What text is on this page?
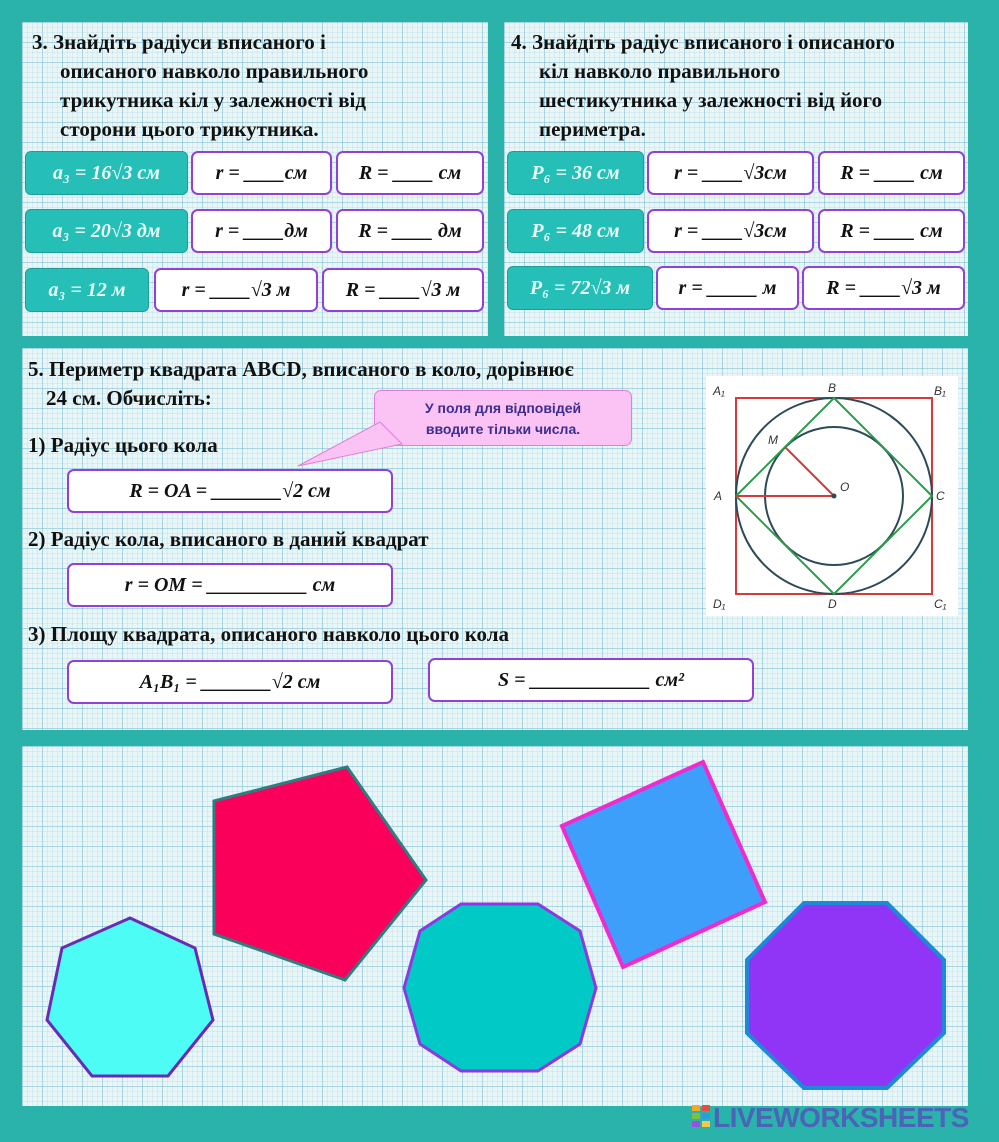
3. Знайдіть радіуси вписаного і
описаного навколо правильного
трикутника кіл у залежності від
сторони цього трикутника.
a₃ = 16√3 см	r = ____см	R = ____ см
a₃ = 20√3 дм	r = ____дм	R = ____ дм
a₃ = 12 м	r = ____√3 м	R = ____√3 м
4. Знайдіть радіус вписаного і описаного
кіл навколо правильного
шестикутника у залежності від його
периметра.
P₆ = 36 см	r = ____√3см	R = ____ см
P₆ = 48 см	r = ____√3см	R = ____ см
P₆ = 72√3 м	r = _____ м	R = ____√3 м
5. Периметр квадрата ABCD, вписаного в коло, дорівнює
24 см. Обчисліть:	У поля для відповідей
вводите тільки числа.
1) Радіус цього кола
R = OA = _______√2 см
2) Радіус кола, вписаного в даний квадрат
r = OM = __________ см
3) Площу квадрата, описаного навколо цього кола
A₁B₁ = _______√2 см	S = ____________ см²
A₁	B	B₁
M
O
A	C
D₁	D	C₁
LIVEWORKSHEETS
